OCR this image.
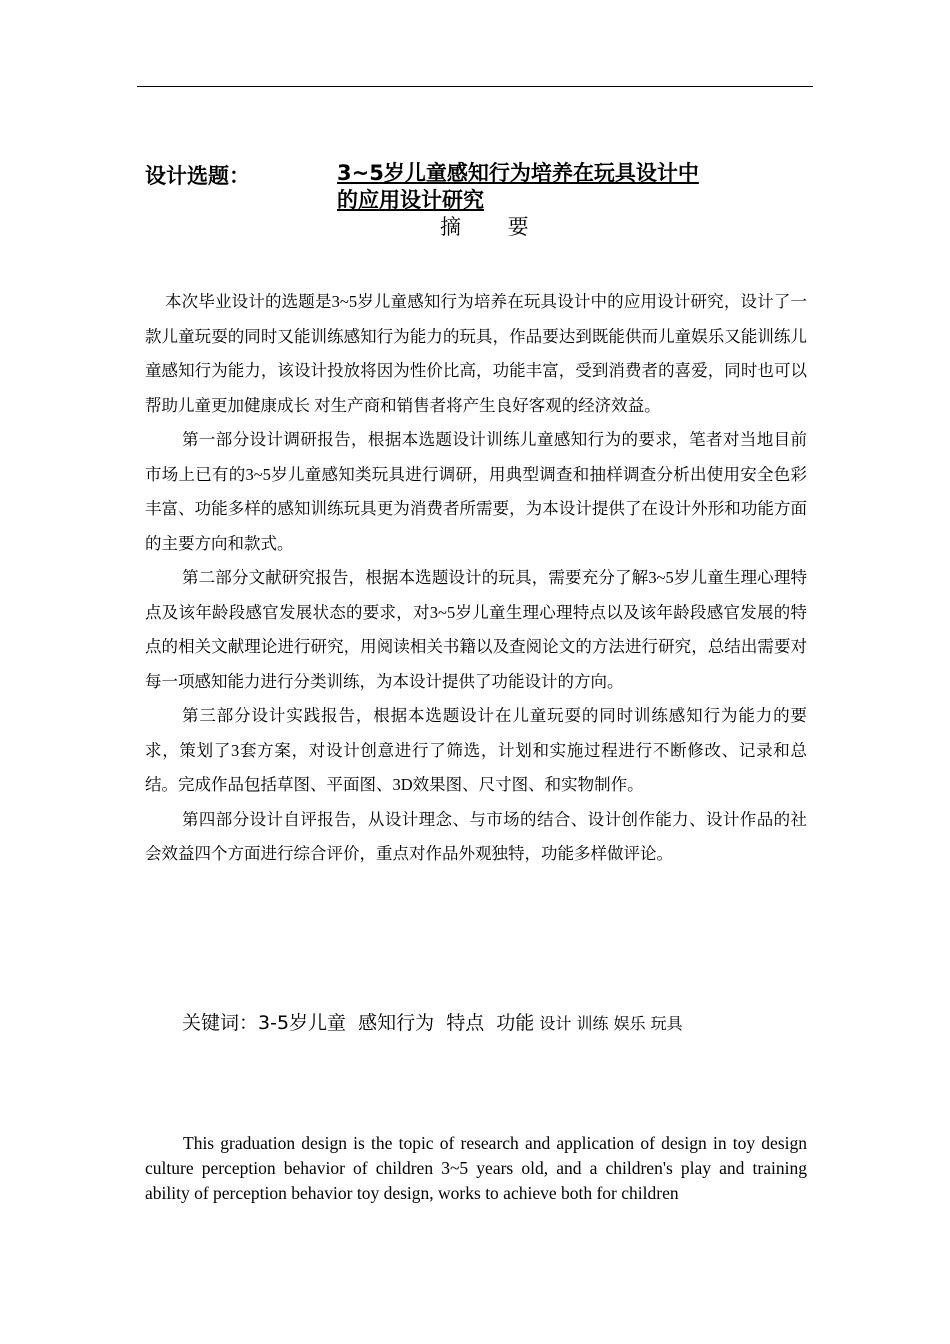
设计选题：	3~5岁儿童感知行为培养在玩具设计中
的应用设计研究
摘 要

本次毕业设计的选题是3~5岁儿童感知行为培养在玩具设计中的应用设计研究，设计了一款儿童玩耍的同时又能训练感知行为能力的玩具，作品要达到既能供而儿童娱乐又能训练儿童感知行为能力，该设计投放将因为性价比高，功能丰富，受到消费者的喜爱，同时也可以帮助儿童更加健康成长 对生产商和销售者将产生良好客观的经济效益。

第一部分设计调研报告，根据本选题设计训练儿童感知行为的要求，笔者对当地目前市场上已有的3~5岁儿童感知类玩具进行调研，用典型调查和抽样调查分析出使用安全色彩丰富、功能多样的感知训练玩具更为消费者所需要，为本设计提供了在设计外形和功能方面的主要方向和款式。

第二部分文献研究报告，根据本选题设计的玩具，需要充分了解3~5岁儿童生理心理特点及该年龄段感官发展状态的要求，对3~5岁儿童生理心理特点以及该年龄段感官发展的特点的相关文献理论进行研究，用阅读相关书籍以及查阅论文的方法进行研究，总结出需要对每一项感知能力进行分类训练，为本设计提供了功能设计的方向。

第三部分设计实践报告，根据本选题设计在儿童玩耍的同时训练感知行为能力的要求，策划了3套方案，对设计创意进行了筛选，计划和实施过程进行不断修改、记录和总结。完成作品包括草图、平面图、3D效果图、尺寸图、和实物制作。

第四部分设计自评报告，从设计理念、与市场的结合、设计创作能力、设计作品的社会效益四个方面进行综合评价，重点对作品外观独特，功能多样做评论。

关键词：3-5岁儿童  感知行为  特点  功能 设计 训练 娱乐 玩具

This graduation design is the topic of research and application of design in toy design culture perception behavior of children 3~5 years old, and a children's play and training ability of perception behavior toy design, works to achieve both for children
